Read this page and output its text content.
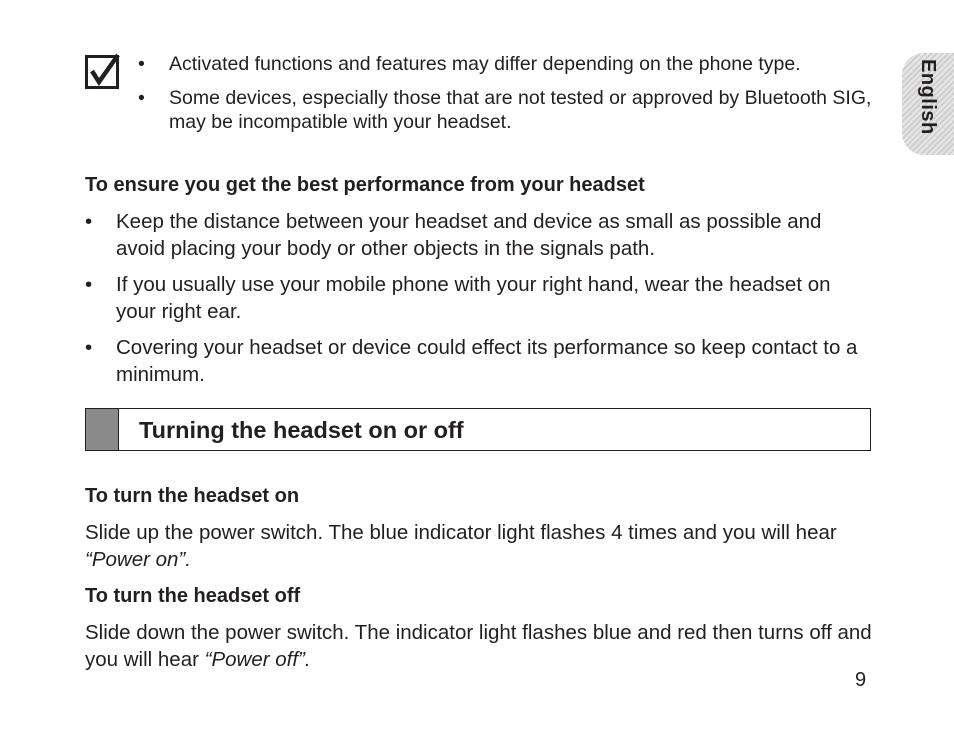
English
• Activated functions and features may differ depending on the phone type.
• Some devices, especially those that are not tested or approved by Bluetooth SIG, may be incompatible with your headset.
To ensure you get the best performance from your headset
• Keep the distance between your headset and device as small as possible and avoid placing your body or other objects in the signals path.
• If you usually use your mobile phone with your right hand, wear the headset on your right ear.
• Covering your headset or device could effect its performance so keep contact to a minimum.
Turning the headset on or off
To turn the headset on

Slide up the power switch. The blue indicator light flashes 4 times and you will hear “Power on”.

To turn the headset off

Slide down the power switch. The indicator light flashes blue and red then turns off and you will hear “Power off”.

9
